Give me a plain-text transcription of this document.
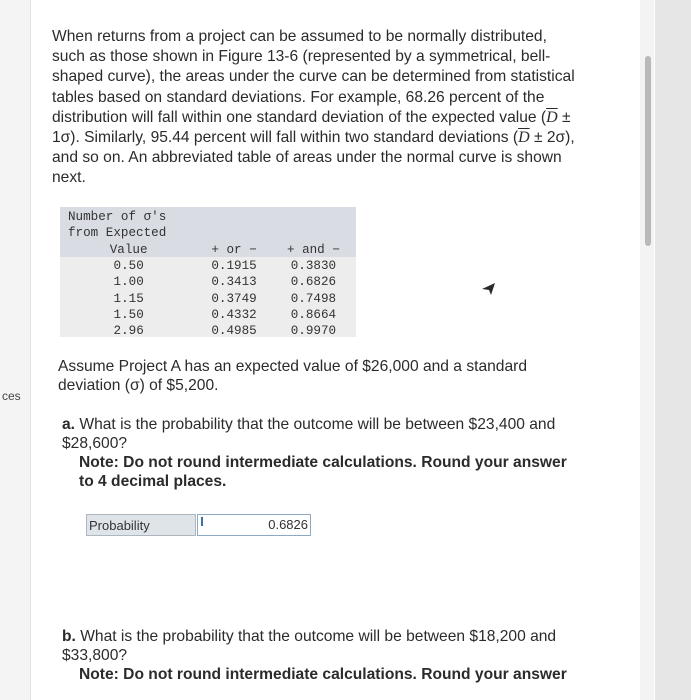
ces
When returns from a project can be assumed to be normally distributed, such as those shown in Figure 13-6 (represented by a symmetrical, bell-shaped curve), the areas under the curve can be determined from statistical tables based on standard deviations. For example, 68.26 percent of the distribution will fall within one standard deviation of the expected value $(\overline{D} \pm 1\sigma)$. Similarly, 95.44 percent will fall within two standard deviations $(\overline{D} \pm 2\sigma)$, and so on. An abbreviated table of areas under the normal curve is shown next.
Number of σ's		
from Expected		
Value	+ or −	+ and −
0.50	0.1915	0.3830
1.00	0.3413	0.6826
1.15	0.3749	0.7498
1.50	0.4332	0.8664
2.96	0.4985	0.9970
Assume Project A has an expected value of $26,000 and a standard deviation (σ) of $5,200.
a. What is the probability that the outcome will be between $23,400 and $28,600?
Note: Do not round intermediate calculations. Round your answer to 4 decimal places.
Probability	0.6826
b. What is the probability that the outcome will be between $18,200 and $33,800?
Note: Do not round intermediate calculations. Round your answer
